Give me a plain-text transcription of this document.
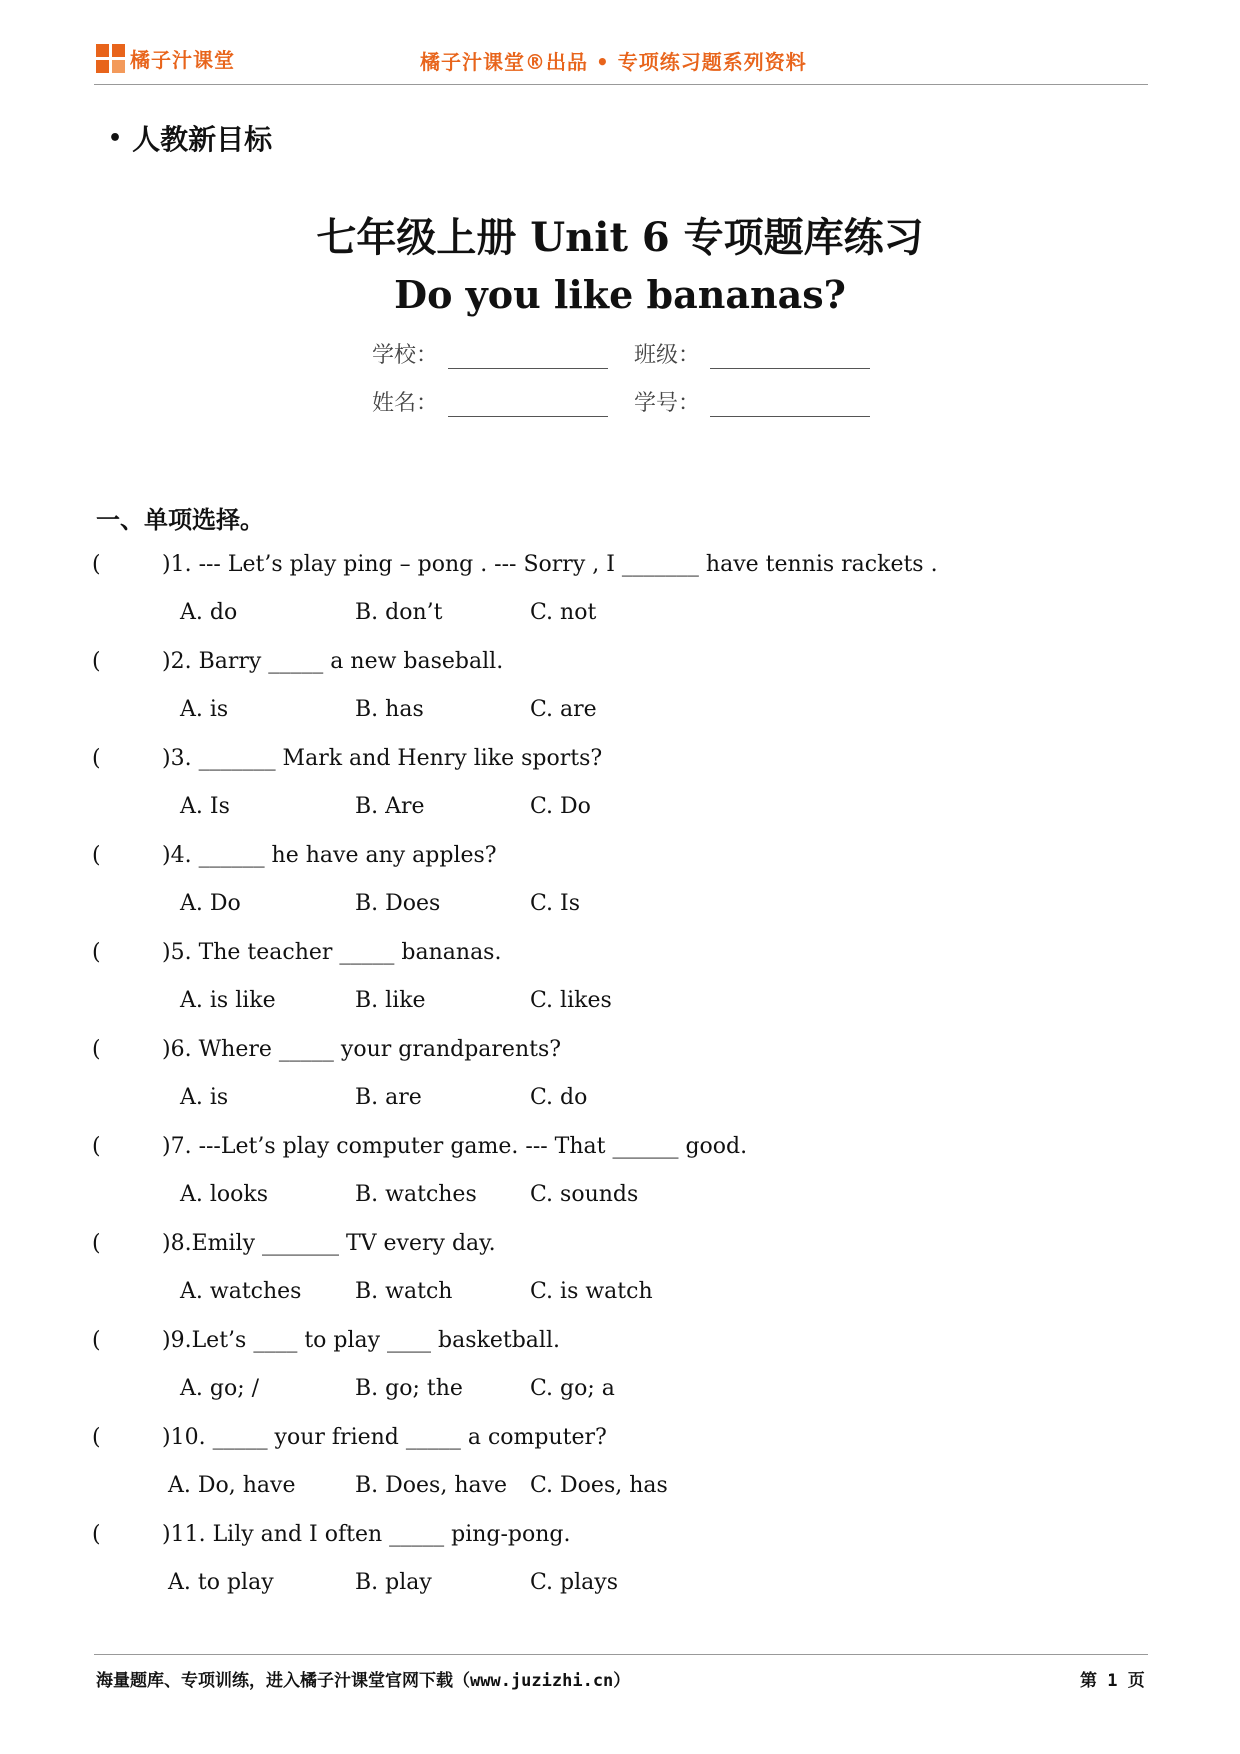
橘子汁课堂	橘子汁课堂®出品 • 专项练习题系列资料
• 人教新目标
七年级上册 Unit 6 专项题库练习
Do you like bananas?
学校：	班级：
姓名：	学号：
一、单项选择。
(	)1. --- Let’s play ping – pong . --- Sorry , I _______ have tennis rackets .
A. do	B. don’t	C. not
(	)2. Barry _____ a new baseball.
A. is	B. has	C. are
(	)3. _______ Mark and Henry like sports?
A. Is	B. Are	C. Do
(	)4. ______ he have any apples?
A. Do	B. Does	C. Is
(	)5. The teacher _____ bananas.
A. is like	B. like	C. likes
(	)6. Where _____ your grandparents?
A. is	B. are	C. do
(	)7. ---Let’s play computer game. --- That ______ good.
A. looks	B. watches C. sounds
(	)8.Emily _______ TV every day.
A. watches B. watch	C. is watch
(	)9.Let’s ____ to play ____ basketball.
A. go; /	B. go; the	C. go; a
(	)10. _____ your friend _____ a computer?
A. Do, have	B. Does, have C. Does, has
(	)11. Lily and I often _____ ping-pong.
A. to play	B. play	C. plays
海量题库、专项训练，进入橘子汁课堂官网下载（www.juzizhi.cn）	第 1 页
